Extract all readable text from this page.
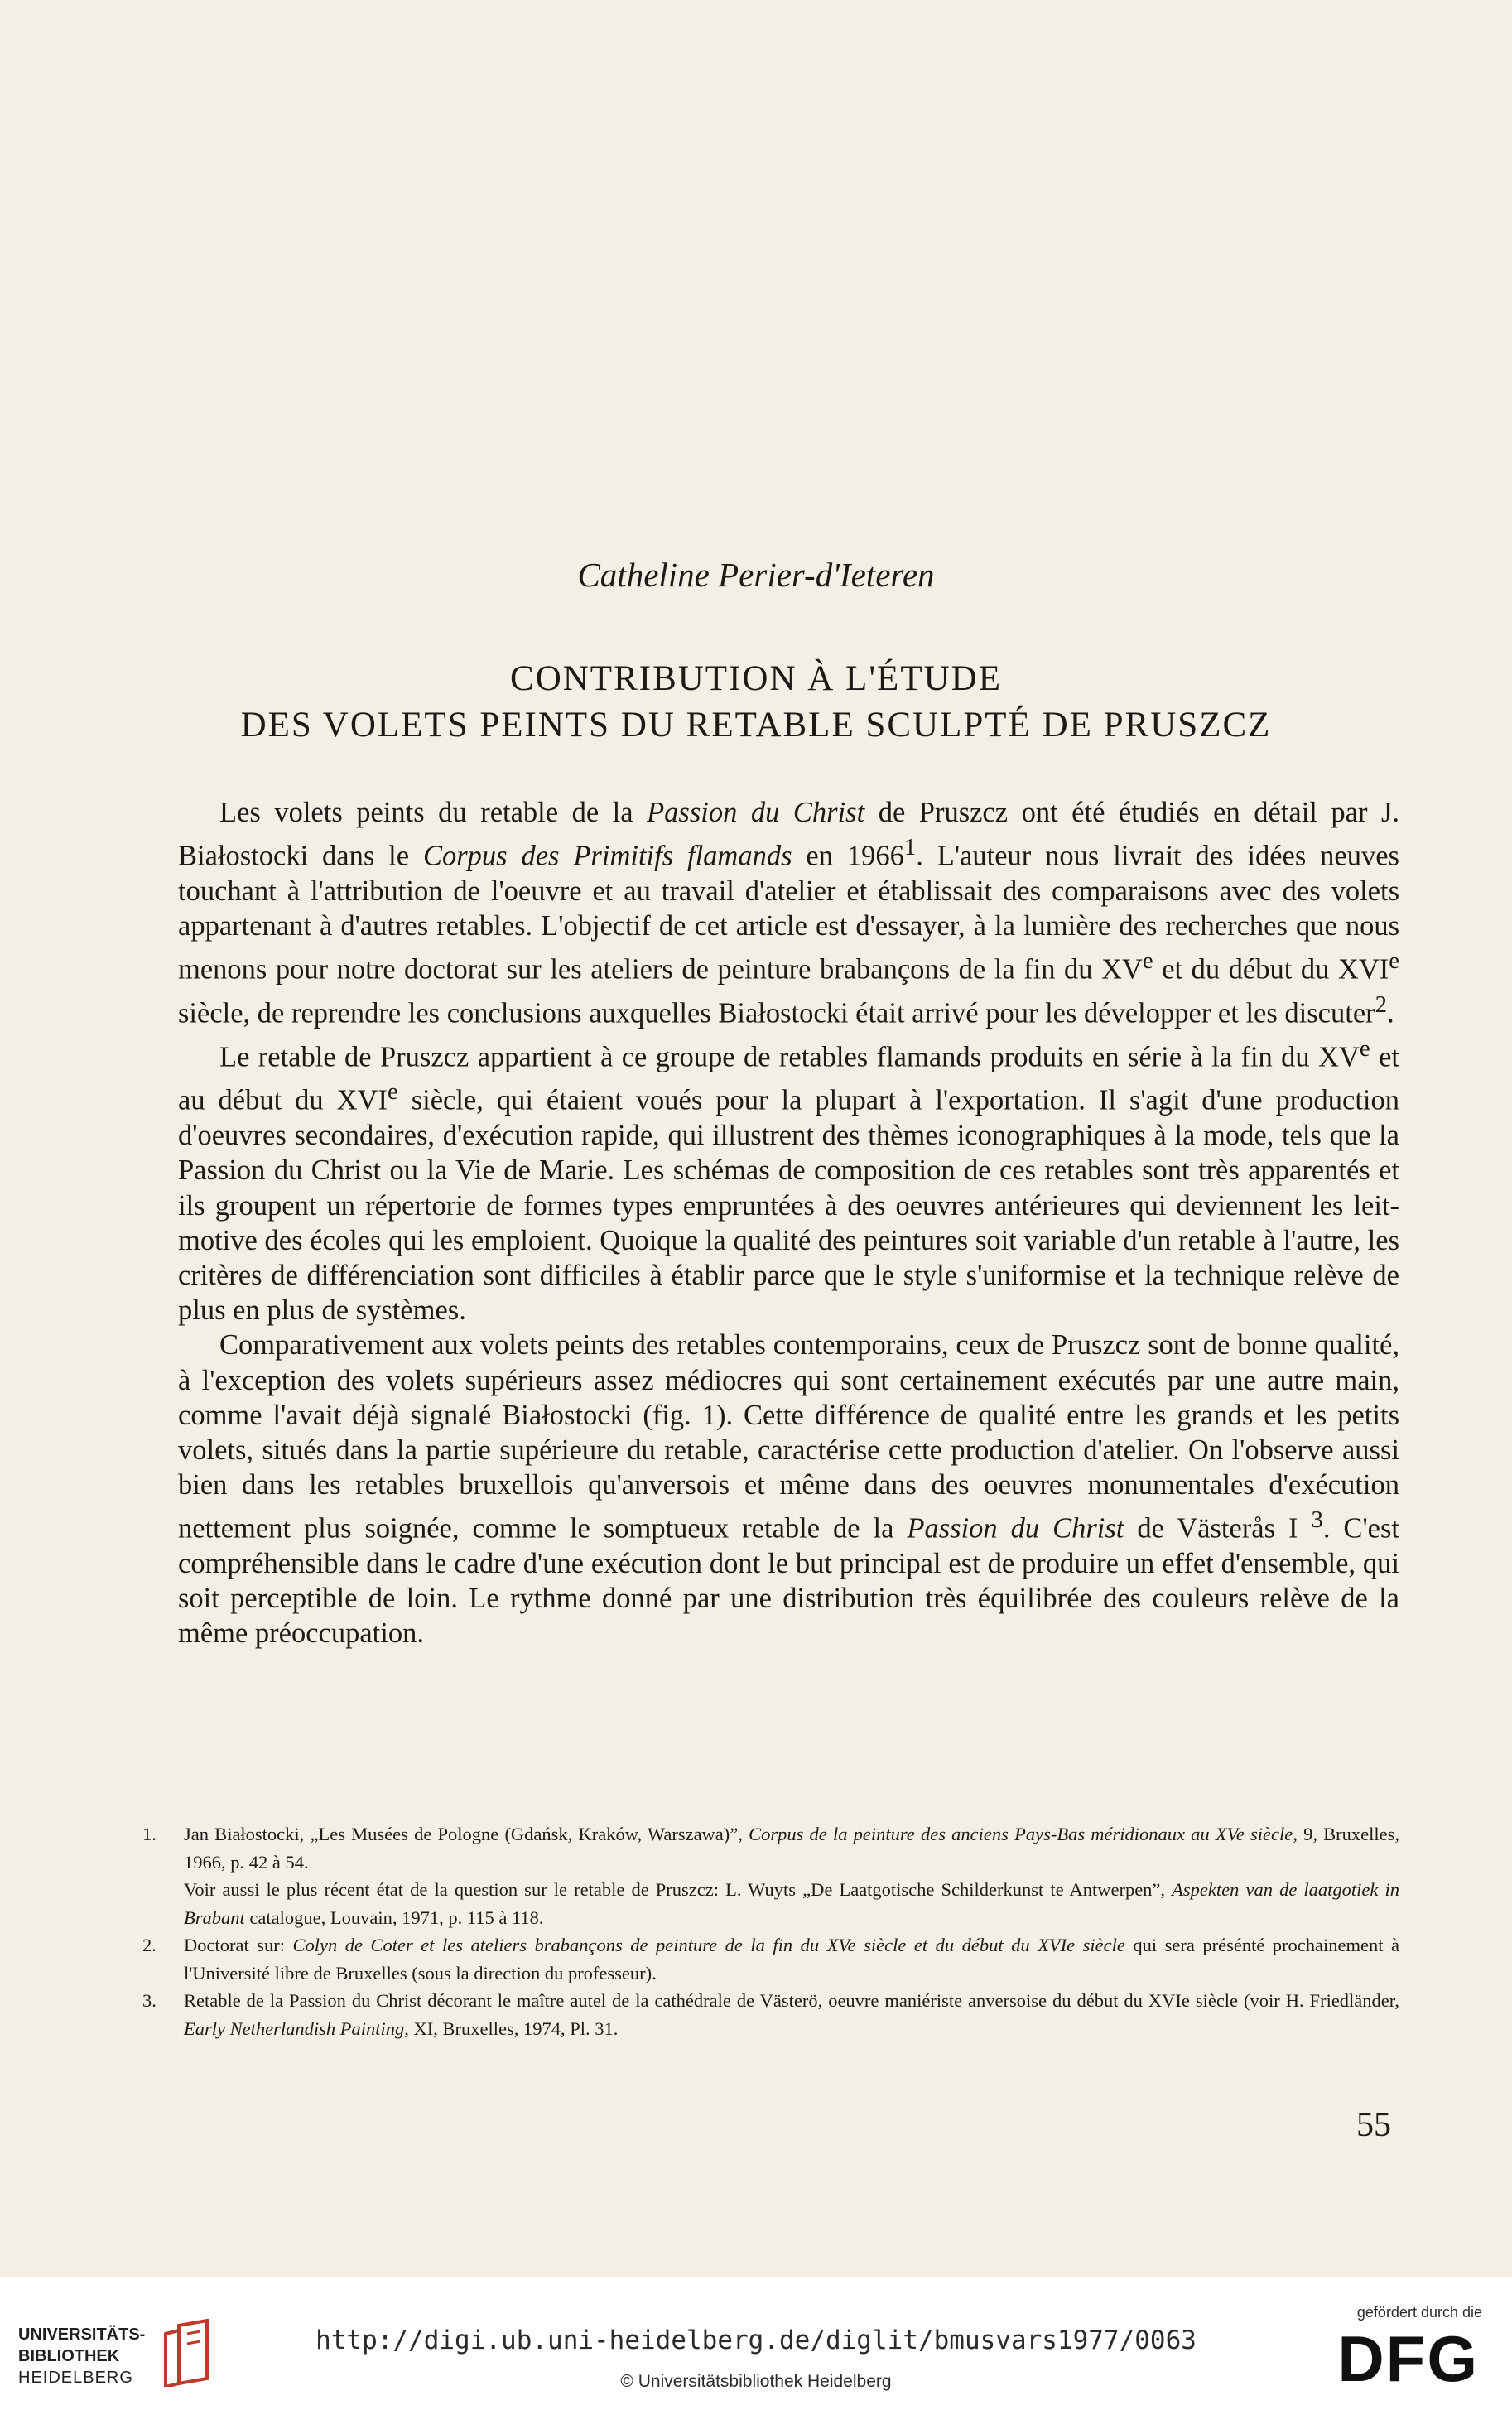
Catheline Perier-d'Ieteren
CONTRIBUTION À L'ÉTUDE
DES VOLETS PEINTS DU RETABLE SCULPTÉ DE PRUSZCZ

Les volets peints du retable de la Passion du Christ de Pruszcz ont été étudiés en détail par J. Białostocki dans le Corpus des Primitifs flamands en 1966$^1$. L'auteur nous livrait des idées neuves touchant à l'attribution de l'oeuvre et au travail d'atelier et établissait des comparaisons avec des volets appartenant à d'autres retables. L'objectif de cet article est d'essayer, à la lumière des recherches que nous menons pour notre doctorat sur les ateliers de peinture brabançons de la fin du XVe et du début du XVIe siècle, de reprendre les conclusions auxquelles Białostocki était arrivé pour les développer et les discuter$^2$.

Le retable de Pruszcz appartient à ce groupe de retables flamands produits en série à la fin du XVe et au début du XVIe siècle, qui étaient voués pour la plupart à l'exportation. Il s'agit d'une production d'oeuvres secondaires, d'exécution rapide, qui illustrent des thèmes iconographiques à la mode, tels que la Passion du Christ ou la Vie de Marie. Les schémas de composition de ces retables sont très apparentés et ils groupent un répertorie de formes types empruntées à des oeuvres antérieures qui deviennent les leit-motive des écoles qui les emploient. Quoique la qualité des peintures soit variable d'un retable à l'autre, les critères de différenciation sont difficiles à établir parce que le style s'uniformise et la technique relève de plus en plus de systèmes.

Comparativement aux volets peints des retables contemporains, ceux de Pruszcz sont de bonne qualité, à l'exception des volets supérieurs assez médiocres qui sont certainement exécutés par une autre main, comme l'avait déjà signalé Białostocki (fig. 1). Cette différence de qualité entre les grands et les petits volets, situés dans la partie supérieure du retable, caractérise cette production d'atelier. On l'observe aussi bien dans les retables bruxellois qu'anversois et même dans des oeuvres monumentales d'exécution nettement plus soignée, comme le somptueux retable de la Passion du Christ de Västerås I $^3$. C'est compréhensible dans le cadre d'une exécution dont le but principal est de produire un effet d'ensemble, qui soit perceptible de loin. Le rythme donné par une distribution très équilibrée des couleurs relève de la même préoccupation.

1. Jan Białostocki, „Les Musées de Pologne (Gdańsk, Kraków, Warszawa)”, Corpus de la peinture des anciens Pays-Bas méridionaux au XVe siècle, 9, Bruxelles, 1966, p. 42 à 54.
Voir aussi le plus récent état de la question sur le retable de Pruszcz: L. Wuyts „De Laatgotische Schilderkunst te Antwerpen”, Aspekten van de laatgotiek in Brabant catalogue, Louvain, 1971, p. 115 à 118.
2. Doctorat sur: Colyn de Coter et les ateliers brabançons de peinture de la fin du XVe siècle et du début du XVIe siècle qui sera présénté prochainement à l'Université libre de Bruxelles (sous la direction du professeur).
3. Retable de la Passion du Christ décorant le maître autel de la cathédrale de Västerö, oeuvre maniériste anversoise du début du XVIe siècle (voir H. Friedländer, Early Netherlandish Painting, XI, Bruxelles, 1974, Pl. 31.
55
UNIVERSITÄTS-
BIBLIOTHEK
HEIDELBERG
http://digi.ub.uni-heidelberg.de/diglit/bmusvars1977/0063
© Universitätsbibliothek Heidelberg
gefördert durch die
DFG
